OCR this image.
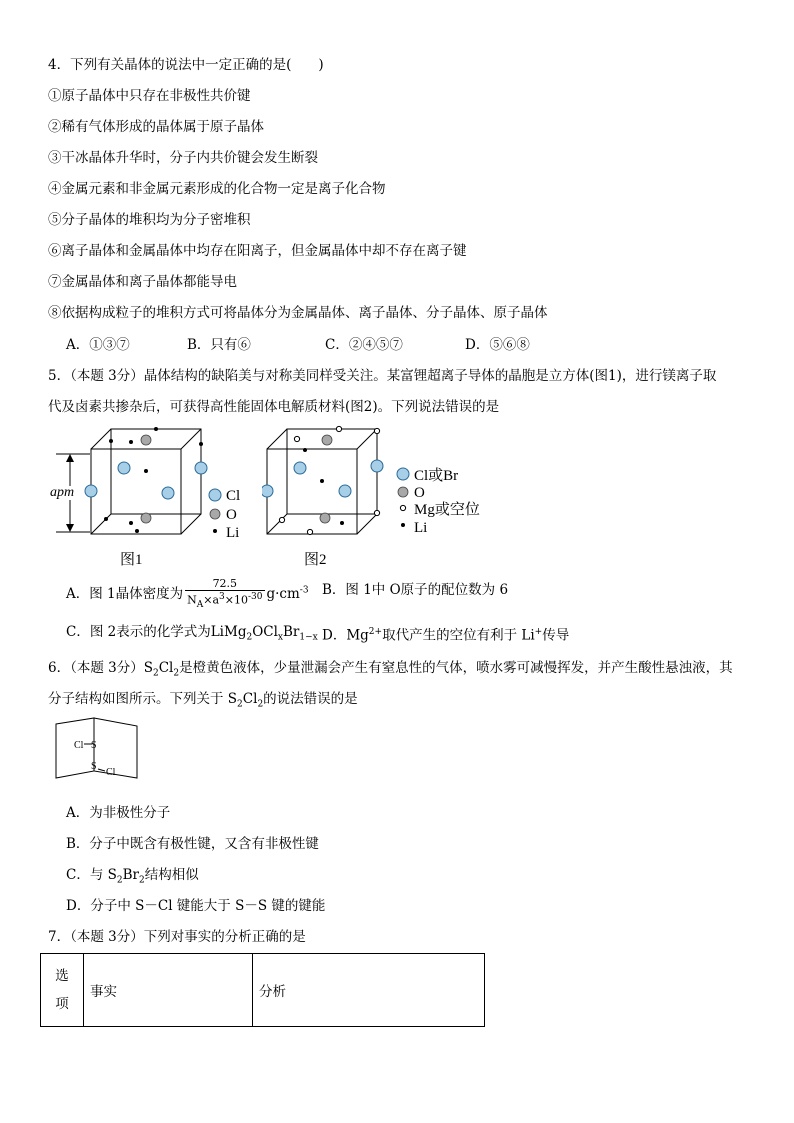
4．下列有关晶体的说法中一定正确的是(　　)
①原子晶体中只存在非极性共价键
②稀有气体形成的晶体属于原子晶体
③干冰晶体升华时，分子内共价键会发生断裂
④金属元素和非金属元素形成的化合物一定是离子化合物
⑤分子晶体的堆积均为分子密堆积
⑥离子晶体和金属晶体中均存在阳离子，但金属晶体中却不存在离子键
⑦金属晶体和离子晶体都能导电
⑧依据构成粒子的堆积方式可将晶体分为金属晶体、离子晶体、分子晶体、原子晶体
A．①③⑦	B．只有⑥	C．②④⑤⑦	D．⑤⑥⑧
5．（本题 3分）晶体结构的缺陷美与对称美同样受关注。某富锂超离子导体的晶胞是立方体(图1)，进行镁离子取
代及卤素共掺杂后，可获得高性能固体电解质材料(图2)。下列说法错误的是
apm	Cl
O
Li
图1
Cl或Br
O
Mg或空位
Li
图2
A．图 1晶体密度为 $\frac{72.5}{N_A\times a^3\times 10^{-30}} g\cdot cm^{-3}$ B．图 1中 O原子的配位数为 6
C．图 2表示的化学式为$LiMg_2OCl_xBr_{1-x}$ D．$Mg^{2+}$取代产生的空位有利于 Li+传导
6．（本题 3分）$S_2Cl_2$是橙黄色液体，少量泄漏会产生有窒息性的气体，喷水雾可减慢挥发，并产生酸性悬浊液，其
分子结构如图所示。下列关于 $S_2Cl_2$的说法错误的是
Cl S
S
Cl
A．为非极性分子
B．分子中既含有极性键，又含有非极性键
C．与 $S_2Br_2$结构相似
D．分子中 S－Cl 键能大于 S－S 键的键能
7．（本题 3分）下列对事实的分析正确的是
选
项
	事实	分析
